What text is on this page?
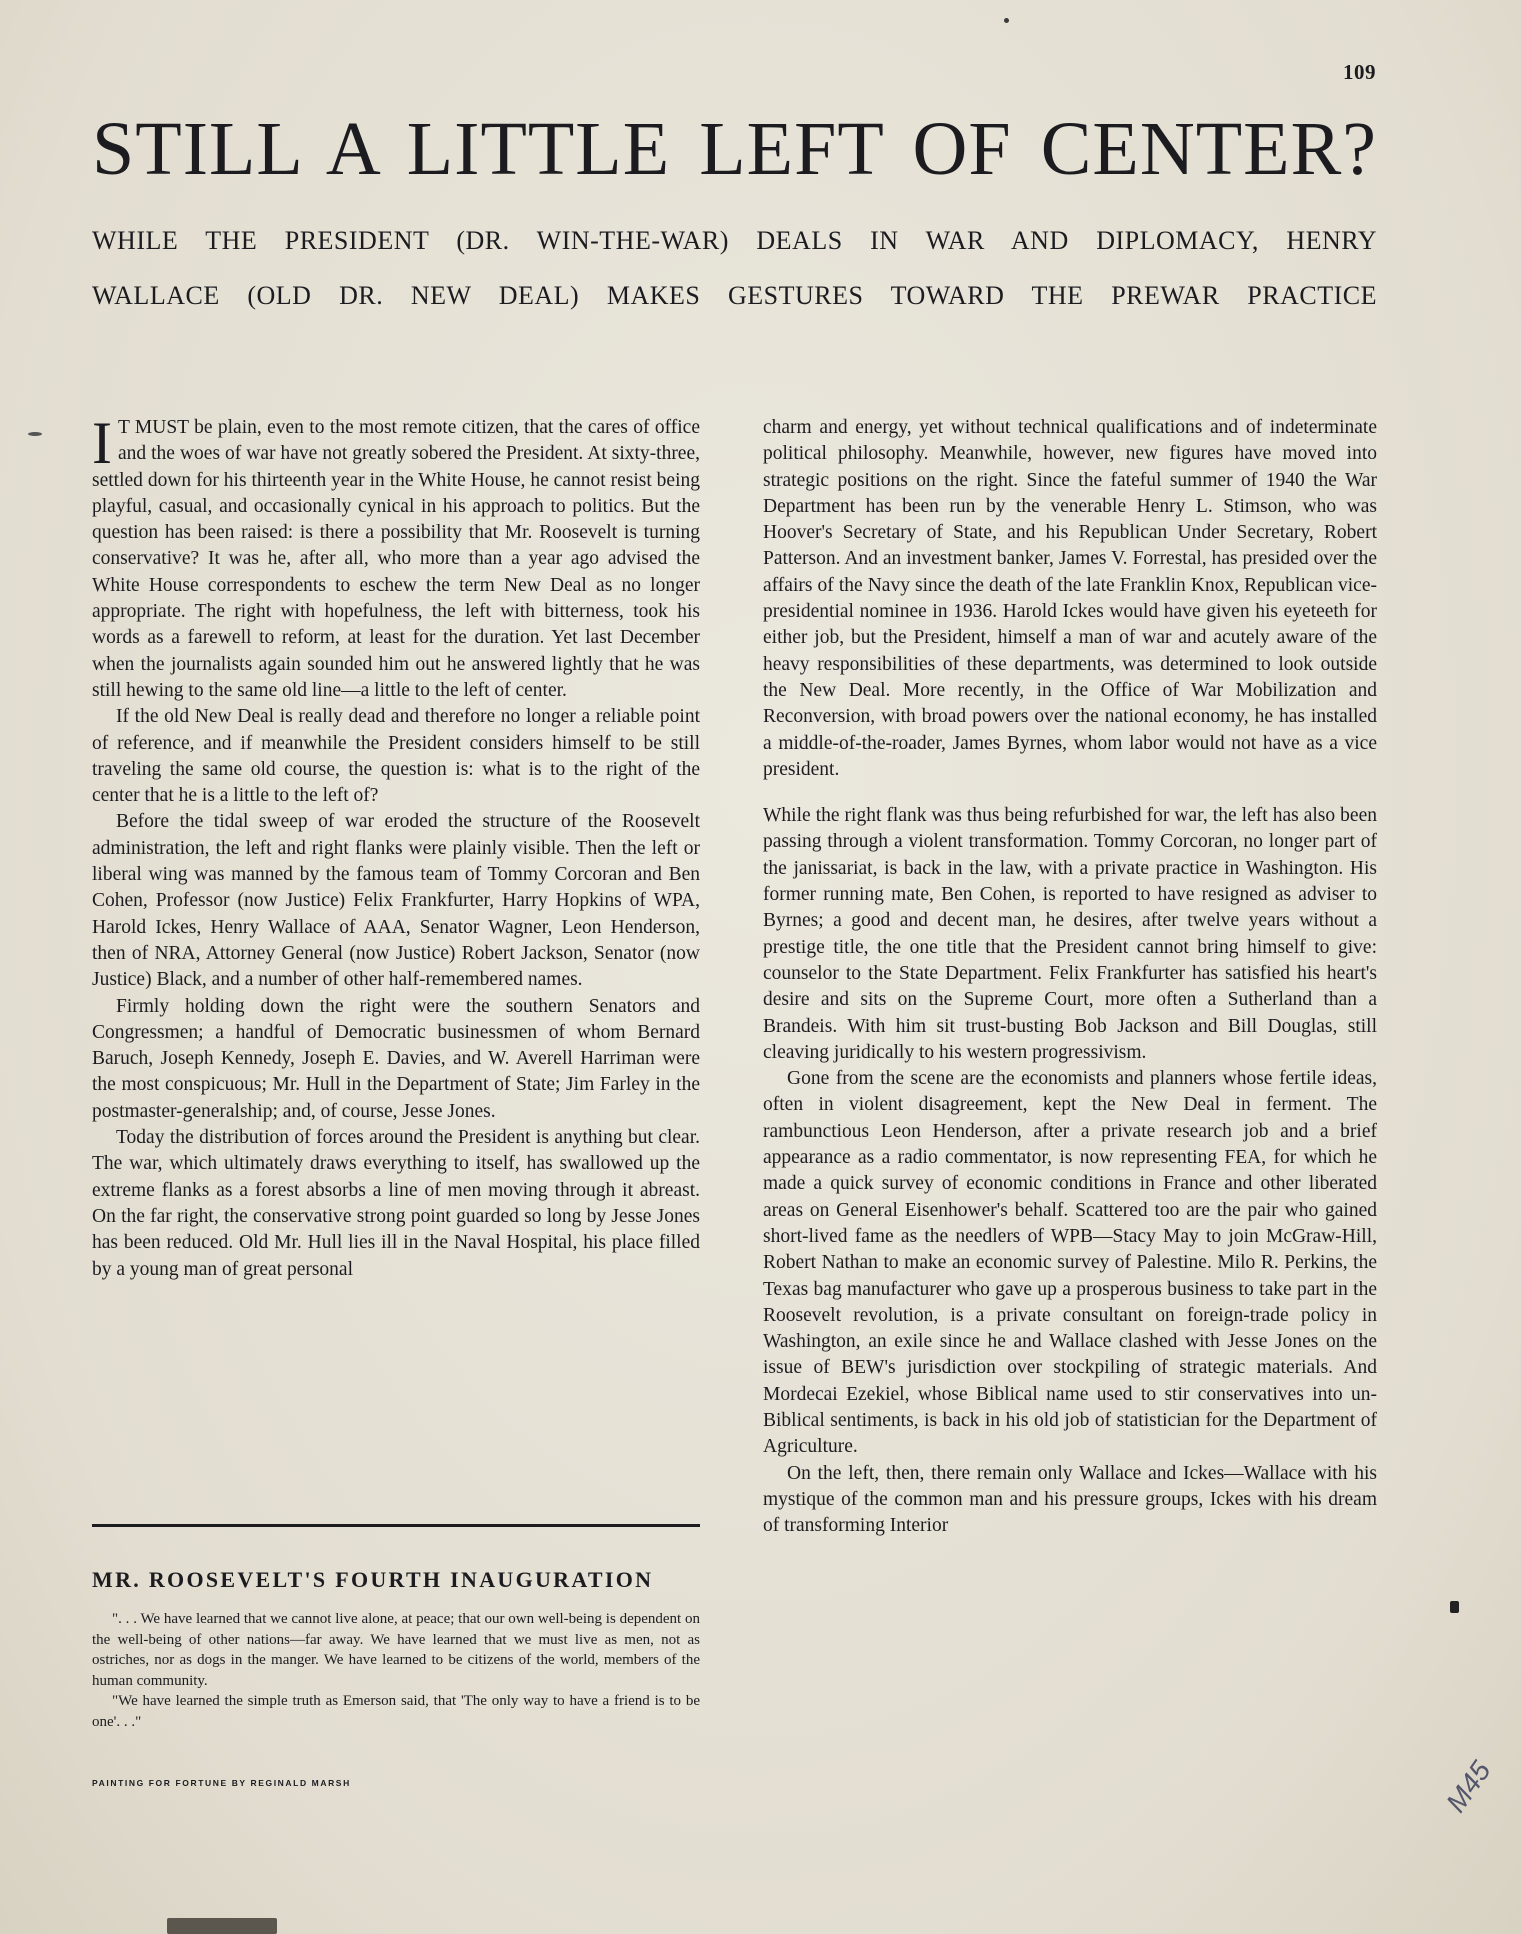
109
STILL A LITTLE LEFT OF CENTER?

WHILE THE PRESIDENT (DR. WIN-THE-WAR) DEALS IN WAR AND DIPLOMACY, HENRY

WALLACE (OLD DR. NEW DEAL) MAKES GESTURES TOWARD THE PREWAR PRACTICE

I T MUST be plain, even to the most remote citizen, that the cares of office and the woes of war have not greatly sobered the President. At sixty-three, settled down for his thirteenth year in the White House, he cannot resist being playful, casual, and occasionally cynical in his approach to politics. But the question has been raised: is there a possibility that Mr. Roosevelt is turning conservative? It was he, after all, who more than a year ago advised the White House correspondents to eschew the term New Deal as no longer appropriate. The right with hopefulness, the left with bitterness, took his words as a farewell to reform, at least for the duration. Yet last December when the journalists again sounded him out he answered lightly that he was still hewing to the same old line—a little to the left of center.

If the old New Deal is really dead and therefore no longer a reliable point of reference, and if meanwhile the President considers himself to be still traveling the same old course, the question is: what is to the right of the center that he is a little to the left of?

Before the tidal sweep of war eroded the structure of the Roosevelt administration, the left and right flanks were plainly visible. Then the left or liberal wing was manned by the famous team of Tommy Corcoran and Ben Cohen, Professor (now Justice) Felix Frankfurter, Harry Hopkins of WPA, Harold Ickes, Henry Wallace of AAA, Senator Wagner, Leon Henderson, then of NRA, Attorney General (now Justice) Robert Jackson, Senator (now Justice) Black, and a number of other half-remembered names.

Firmly holding down the right were the southern Senators and Congressmen; a handful of Democratic businessmen of whom Bernard Baruch, Joseph Kennedy, Joseph E. Davies, and W. Averell Harriman were the most conspicuous; Mr. Hull in the Department of State; Jim Farley in the postmaster-generalship; and, of course, Jesse Jones.

Today the distribution of forces around the President is anything but clear. The war, which ultimately draws everything to itself, has swallowed up the extreme flanks as a forest absorbs a line of men moving through it abreast. On the far right, the conservative strong point guarded so long by Jesse Jones has been reduced. Old Mr. Hull lies ill in the Naval Hospital, his place filled by a young man of great personal

MR. ROOSEVELT'S FOURTH INAUGURATION

". . . We have learned that we cannot live alone, at peace; that our own well-being is dependent on the well-being of other nations—far away. We have learned that we must live as men, not as ostriches, nor as dogs in the manger. We have learned to be citizens of the world, members of the human community.

"We have learned the simple truth as Emerson said, that 'The only way to have a friend is to be one'. . ."

PAINTING FOR FORTUNE BY REGINALD MARSH

charm and energy, yet without technical qualifications and of indeterminate political philosophy. Meanwhile, however, new figures have moved into strategic positions on the right. Since the fateful summer of 1940 the War Department has been run by the venerable Henry L. Stimson, who was Hoover's Secretary of State, and his Republican Under Secretary, Robert Patterson. And an investment banker, James V. Forrestal, has presided over the affairs of the Navy since the death of the late Franklin Knox, Republican vice-presidential nominee in 1936. Harold Ickes would have given his eyeteeth for either job, but the President, himself a man of war and acutely aware of the heavy responsibilities of these departments, was determined to look outside the New Deal. More recently, in the Office of War Mobilization and Reconversion, with broad powers over the national economy, he has installed a middle-of-the-roader, James Byrnes, whom labor would not have as a vice president.

While the right flank was thus being refurbished for war, the left has also been passing through a violent transformation. Tommy Corcoran, no longer part of the janissariat, is back in the law, with a private practice in Washington. His former running mate, Ben Cohen, is reported to have resigned as adviser to Byrnes; a good and decent man, he desires, after twelve years without a prestige title, the one title that the President cannot bring himself to give: counselor to the State Department. Felix Frankfurter has satisfied his heart's desire and sits on the Supreme Court, more often a Sutherland than a Brandeis. With him sit trust-busting Bob Jackson and Bill Douglas, still cleaving juridically to his western progressivism.

Gone from the scene are the economists and planners whose fertile ideas, often in violent disagreement, kept the New Deal in ferment. The rambunctious Leon Henderson, after a private research job and a brief appearance as a radio commentator, is now representing FEA, for which he made a quick survey of economic conditions in France and other liberated areas on General Eisenhower's behalf. Scattered too are the pair who gained short-lived fame as the needlers of WPB—Stacy May to join McGraw-Hill, Robert Nathan to make an economic survey of Palestine. Milo R. Perkins, the Texas bag manufacturer who gave up a prosperous business to take part in the Roosevelt revolution, is a private consultant on foreign-trade policy in Washington, an exile since he and Wallace clashed with Jesse Jones on the issue of BEW's jurisdiction over stockpiling of strategic materials. And Mordecai Ezekiel, whose Biblical name used to stir conservatives into un-Biblical sentiments, is back in his old job of statistician for the Department of Agriculture.

On the left, then, there remain only Wallace and Ickes—Wallace with his mystique of the common man and his pressure groups, Ickes with his dream of transforming Interior

M45
